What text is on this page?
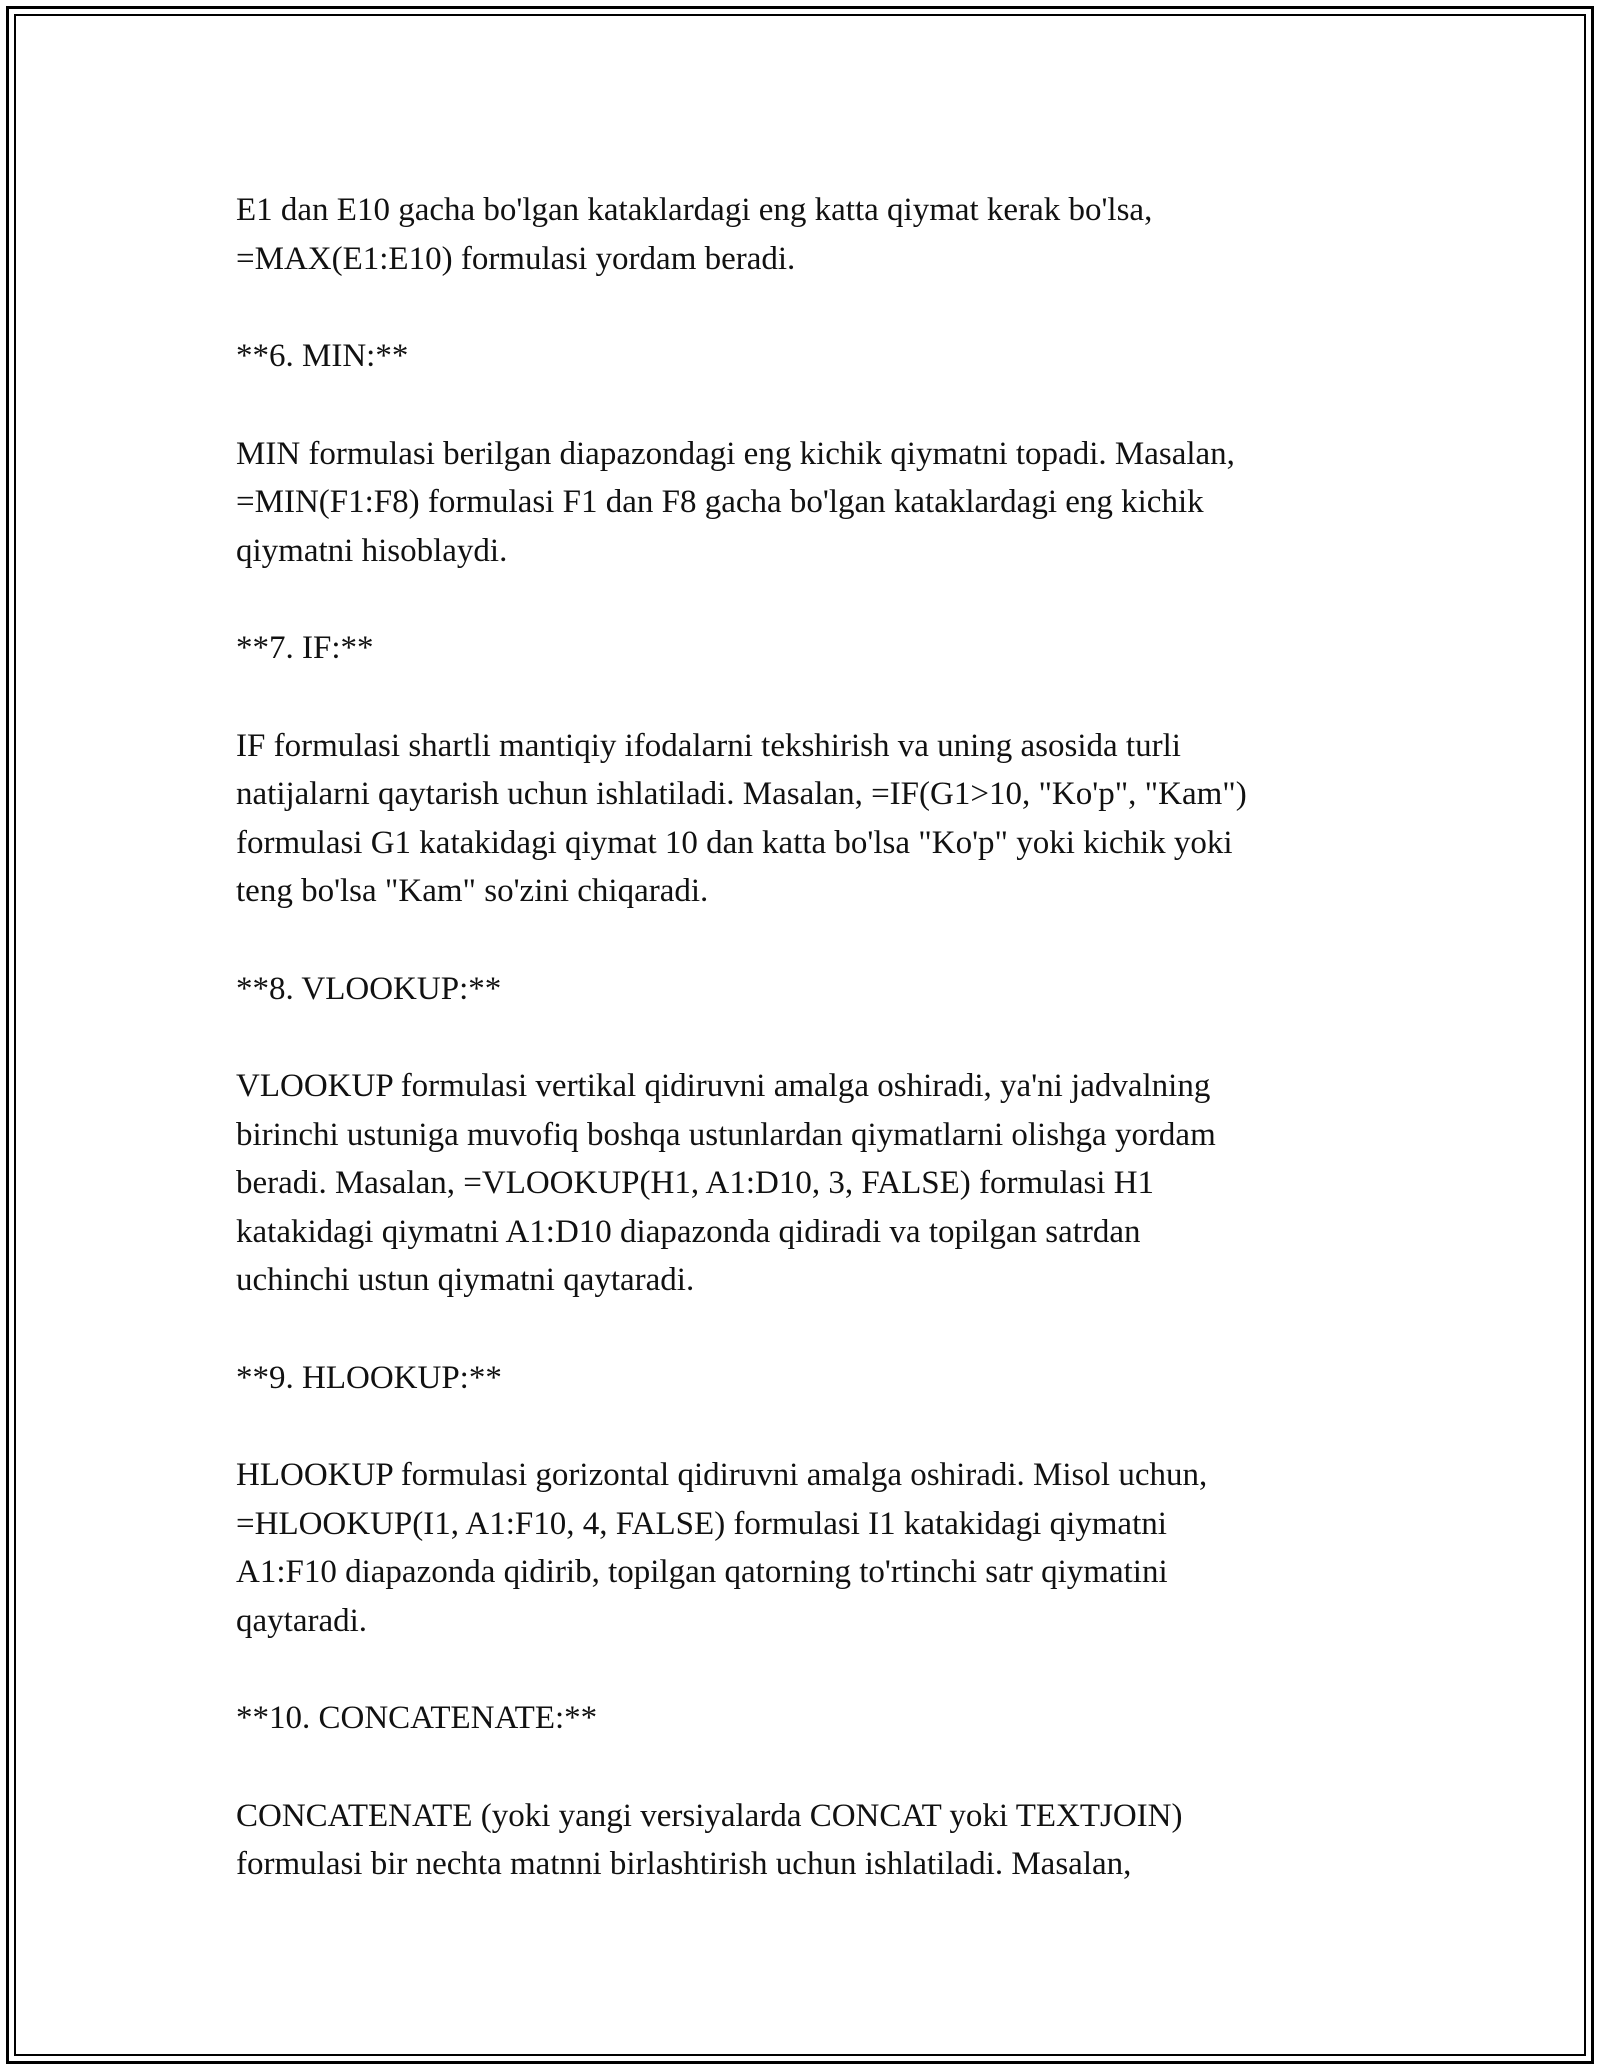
E1 dan E10 gacha bo'lgan kataklardagi eng katta qiymat kerak bo'lsa,
=MAX(E1:E10) formulasi yordam beradi.
**6. MIN:**
MIN formulasi berilgan diapazondagi eng kichik qiymatni topadi. Masalan,
=MIN(F1:F8) formulasi F1 dan F8 gacha bo'lgan kataklardagi eng kichik
qiymatni hisoblaydi.
**7. IF:**
IF formulasi shartli mantiqiy ifodalarni tekshirish va uning asosida turli
natijalarni qaytarish uchun ishlatiladi. Masalan, =IF(G1>10, "Ko'p", "Kam")
formulasi G1 katakidagi qiymat 10 dan katta bo'lsa "Ko'p" yoki kichik yoki
teng bo'lsa "Kam" so'zini chiqaradi.
**8. VLOOKUP:**
VLOOKUP formulasi vertikal qidiruvni amalga oshiradi, ya'ni jadvalning
birinchi ustuniga muvofiq boshqa ustunlardan qiymatlarni olishga yordam
beradi. Masalan, =VLOOKUP(H1, A1:D10, 3, FALSE) formulasi H1
katakidagi qiymatni A1:D10 diapazonda qidiradi va topilgan satrdan
uchinchi ustun qiymatni qaytaradi.
**9. HLOOKUP:**
HLOOKUP formulasi gorizontal qidiruvni amalga oshiradi. Misol uchun,
=HLOOKUP(I1, A1:F10, 4, FALSE) formulasi I1 katakidagi qiymatni
A1:F10 diapazonda qidirib, topilgan qatorning to'rtinchi satr qiymatini
qaytaradi.
**10. CONCATENATE:**
CONCATENATE (yoki yangi versiyalarda CONCAT yoki TEXTJOIN)
formulasi bir nechta matnni birlashtirish uchun ishlatiladi. Masalan,
